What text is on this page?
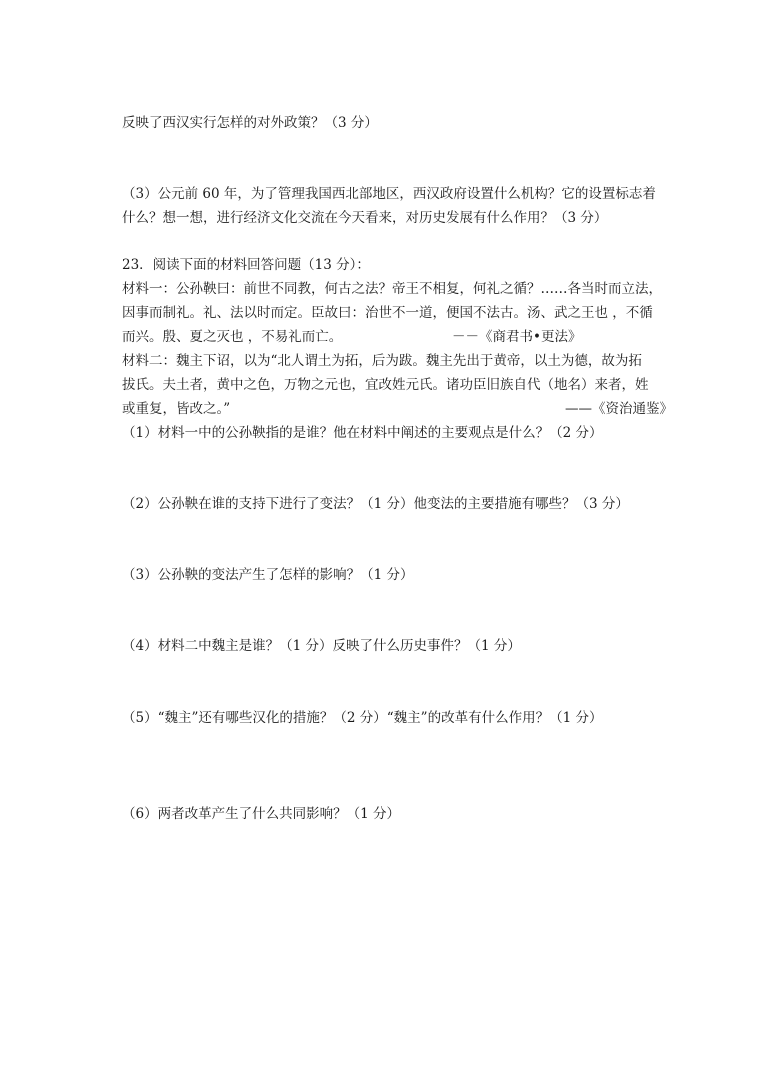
反映了西汉实行怎样的对外政策？（3 分）
（3）公元前 60 年，为了管理我国西北部地区，西汉政府设置什么机构？它的设置标志着
什么？想一想，进行经济文化交流在今天看来，对历史发展有什么作用？（3 分）
23．阅读下面的材料回答问题（13 分）：
材料一：公孙鞅曰：前世不同教，何古之法？帝王不相复，何礼之循？……各当时而立法，
因事而制礼。礼、法以时而定。臣故曰：治世不一道，便国不法古。汤、武之王也 ，不循
而兴。殷、夏之灭也 ，不易礼而亡。	－－《商君书•更法》
材料二：魏主下诏，以为“北人谓土为拓，后为跋。魏主先出于黄帝，以土为德，故为拓
拔氏。夫土者，黄中之色，万物之元也，宜改姓元氏。诸功臣旧族自代（地名）来者，姓
或重复，皆改之。”	——《资治通鉴》
（1）材料一中的公孙鞅指的是谁？他在材料中阐述的主要观点是什么？（2 分）
（2）公孙鞅在谁的支持下进行了变法？（1 分）他变法的主要措施有哪些？（3 分）
（3）公孙鞅的变法产生了怎样的影响？（1 分）
（4）材料二中魏主是谁？（1 分）反映了什么历史事件？（1 分）
（5）“魏主”还有哪些汉化的措施？（2 分）“魏主”的改革有什么作用？（1 分）
（6）两者改革产生了什么共同影响？（1 分）
